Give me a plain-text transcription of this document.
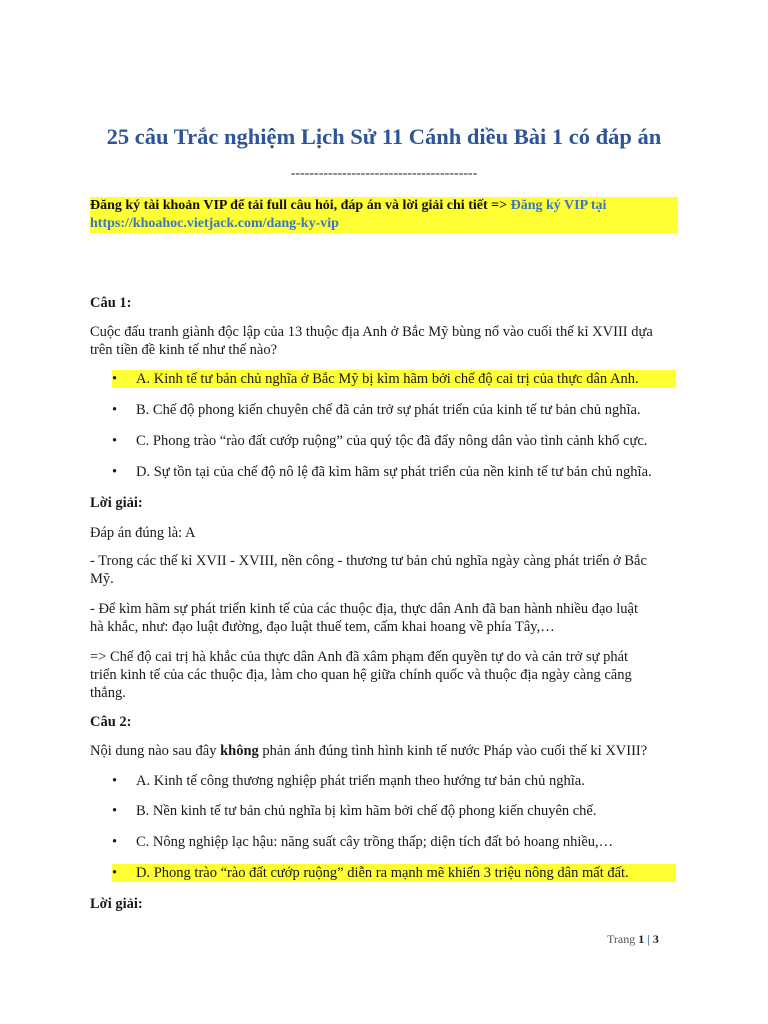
25 câu Trắc nghiệm Lịch Sử 11 Cánh diều Bài 1 có đáp án
----------------------------------------
Đăng ký tài khoản VIP để tải full câu hỏi, đáp án và lời giải chi tiết => Đăng ký VIP tại
https://khoahoc.vietjack.com/dang-ky-vip
Câu 1:
Cuộc đấu tranh giành độc lập của 13 thuộc địa Anh ở Bắc Mỹ bùng nổ vào cuối thế kỉ XVIII dựa
trên tiền đề kinh tế như thế nào?
•	A. Kinh tế tư bản chủ nghĩa ở Bắc Mỹ bị kìm hãm bởi chế độ cai trị của thực dân Anh.
•	B. Chế độ phong kiến chuyên chế đã cản trở sự phát triển của kinh tế tư bản chủ nghĩa.
•	C. Phong trào “rào đất cướp ruộng” của quý tộc đã đẩy nông dân vào tình cảnh khổ cực.
•	D. Sự tồn tại của chế độ nô lệ đã kìm hãm sự phát triển của nền kinh tế tư bản chủ nghĩa.
Lời giải:
Đáp án đúng là: A
- Trong các thế kỉ XVII - XVIII, nền công - thương tư bản chủ nghĩa ngày càng phát triển ở Bắc
Mỹ.
- Để kìm hãm sự phát triển kinh tế của các thuộc địa, thực dân Anh đã ban hành nhiều đạo luật
hà khắc, như: đạo luật đường, đạo luật thuế tem, cấm khai hoang về phía Tây,…
=> Chế độ cai trị hà khắc của thực dân Anh đã xâm phạm đến quyền tự do và cản trở sự phát
triển kinh tế của các thuộc địa, làm cho quan hệ giữa chính quốc và thuộc địa ngày càng căng
thẳng.
Câu 2:
Nội dung nào sau đây không phản ánh đúng tình hình kinh tế nước Pháp vào cuối thế kỉ XVIII?
•	A. Kinh tế công thương nghiệp phát triển mạnh theo hướng tư bản chủ nghĩa.
•	B. Nền kinh tế tư bản chủ nghĩa bị kìm hãm bởi chế độ phong kiến chuyên chế.
•	C. Nông nghiệp lạc hậu: năng suất cây trồng thấp; diện tích đất bỏ hoang nhiều,…
•	D. Phong trào “rào đất cướp ruộng” diễn ra mạnh mẽ khiến 3 triệu nông dân mất đất.
Lời giải:
Trang 1 | 3
